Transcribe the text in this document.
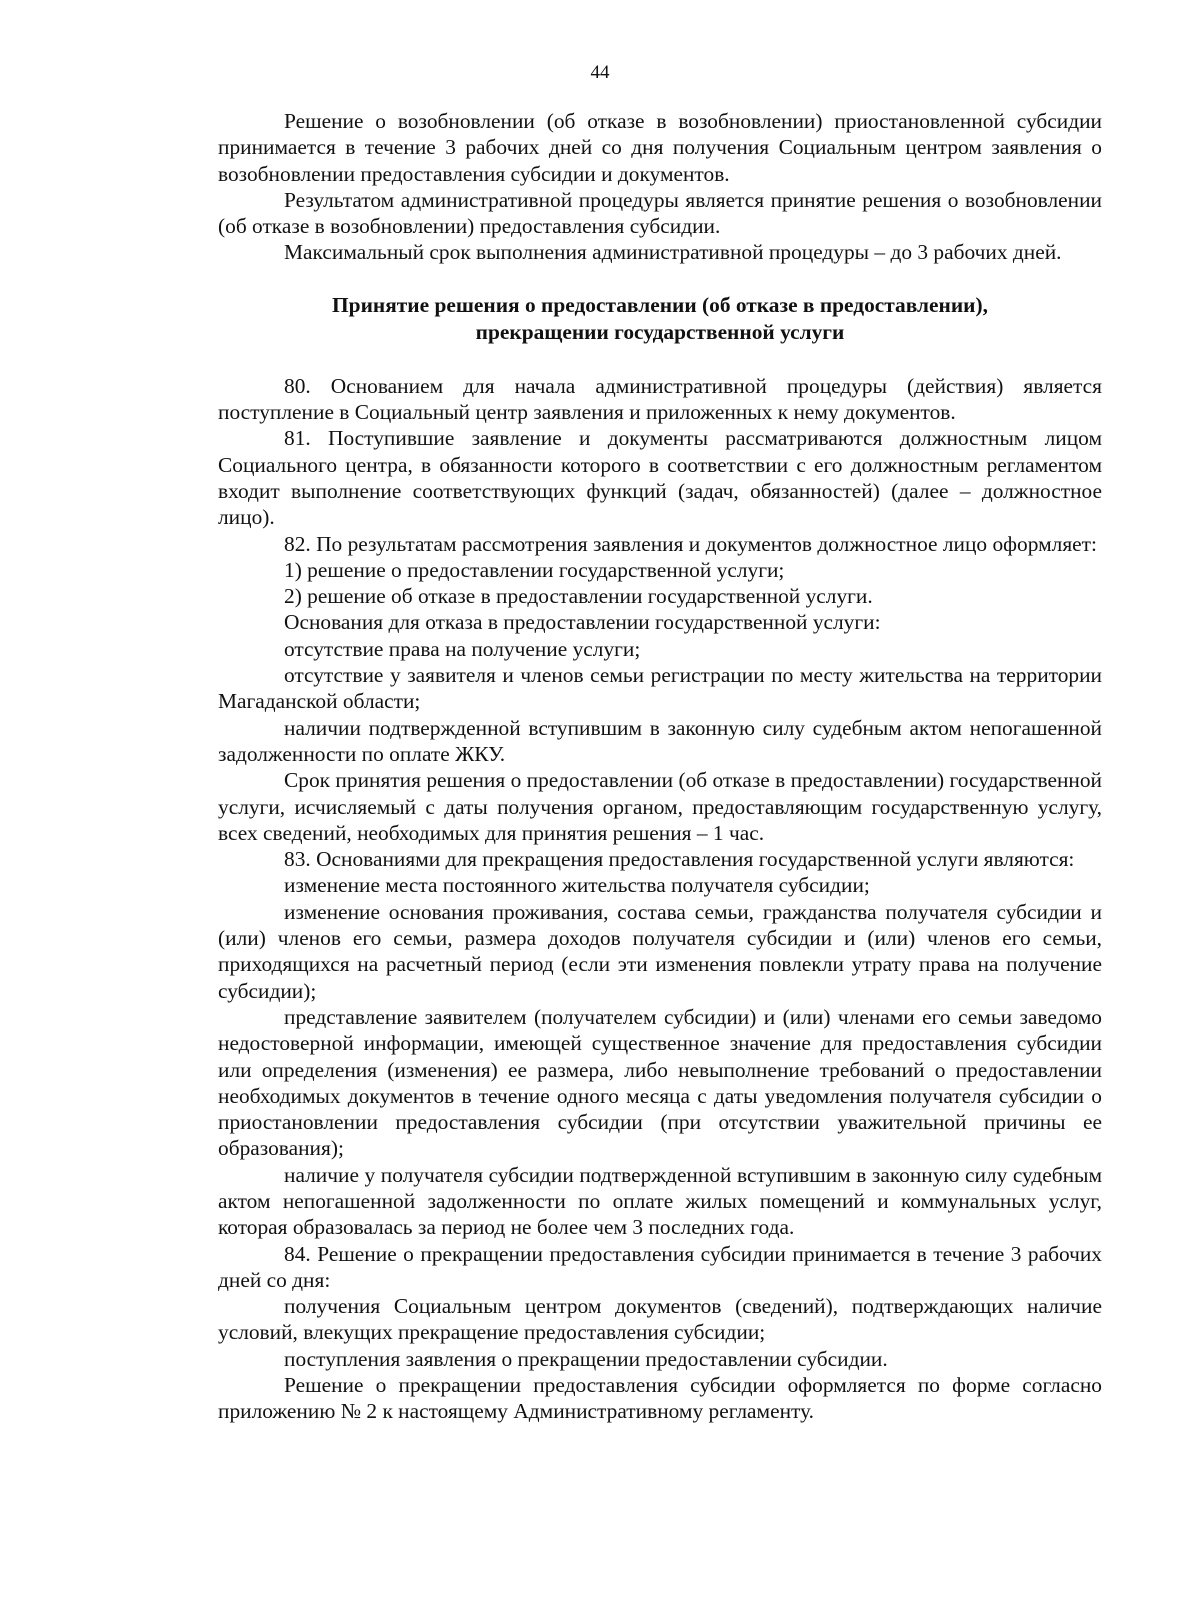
44

Решение о возобновлении (об отказе в возобновлении) приостановленной субсидии принимается в течение 3 рабочих дней со дня получения Социальным центром заявления о возобновлении предоставления субсидии и документов.

Результатом административной процедуры является принятие решения о возобновлении (об отказе в возобновлении) предоставления субсидии.

Максимальный срок выполнения административной процедуры – до 3 рабочих дней.

Принятие решения о предоставлении (об отказе в предоставлении),
прекращении государственной услуги

80. Основанием для начала административной процедуры (действия) является поступление в Социальный центр заявления и приложенных к нему документов.

81. Поступившие заявление и документы рассматриваются должностным лицом Социального центра, в обязанности которого в соответствии с его должностным регламентом входит выполнение соответствующих функций (задач, обязанностей) (далее – должностное лицо).

82. По результатам рассмотрения заявления и документов должностное лицо оформляет:

1) решение о предоставлении государственной услуги;

2) решение об отказе в предоставлении государственной услуги.

Основания для отказа в предоставлении государственной услуги:

отсутствие права на получение услуги;

отсутствие у заявителя и членов семьи регистрации по месту жительства на территории Магаданской области;

наличии подтвержденной вступившим в законную силу судебным актом непогашенной задолженности по оплате ЖКУ.

Срок принятия решения о предоставлении (об отказе в предоставлении) государственной услуги, исчисляемый с даты получения органом, предоставляющим государственную услугу, всех сведений, необходимых для принятия решения – 1 час.

83. Основаниями для прекращения предоставления государственной услуги являются:

изменение места постоянного жительства получателя субсидии;

изменение основания проживания, состава семьи, гражданства получателя субсидии и (или) членов его семьи, размера доходов получателя субсидии и (или) членов его семьи, приходящихся на расчетный период (если эти изменения повлекли утрату права на получение субсидии);

представление заявителем (получателем субсидии) и (или) членами его семьи заведомо недостоверной информации, имеющей существенное значение для предоставления субсидии или определения (изменения) ее размера, либо невыполнение требований о предоставлении необходимых документов в течение одного месяца с даты уведомления получателя субсидии о приостановлении предоставления субсидии (при отсутствии уважительной причины ее образования);

наличие у получателя субсидии подтвержденной вступившим в законную силу судебным актом непогашенной задолженности по оплате жилых помещений и коммунальных услуг, которая образовалась за период не более чем 3 последних года.

84. Решение о прекращении предоставления субсидии принимается в течение 3 рабочих дней со дня:

получения Социальным центром документов (сведений), подтверждающих наличие условий, влекущих прекращение предоставления субсидии;

поступления заявления о прекращении предоставлении субсидии.

Решение о прекращении предоставления субсидии оформляется по форме согласно приложению № 2 к настоящему Административному регламенту.
